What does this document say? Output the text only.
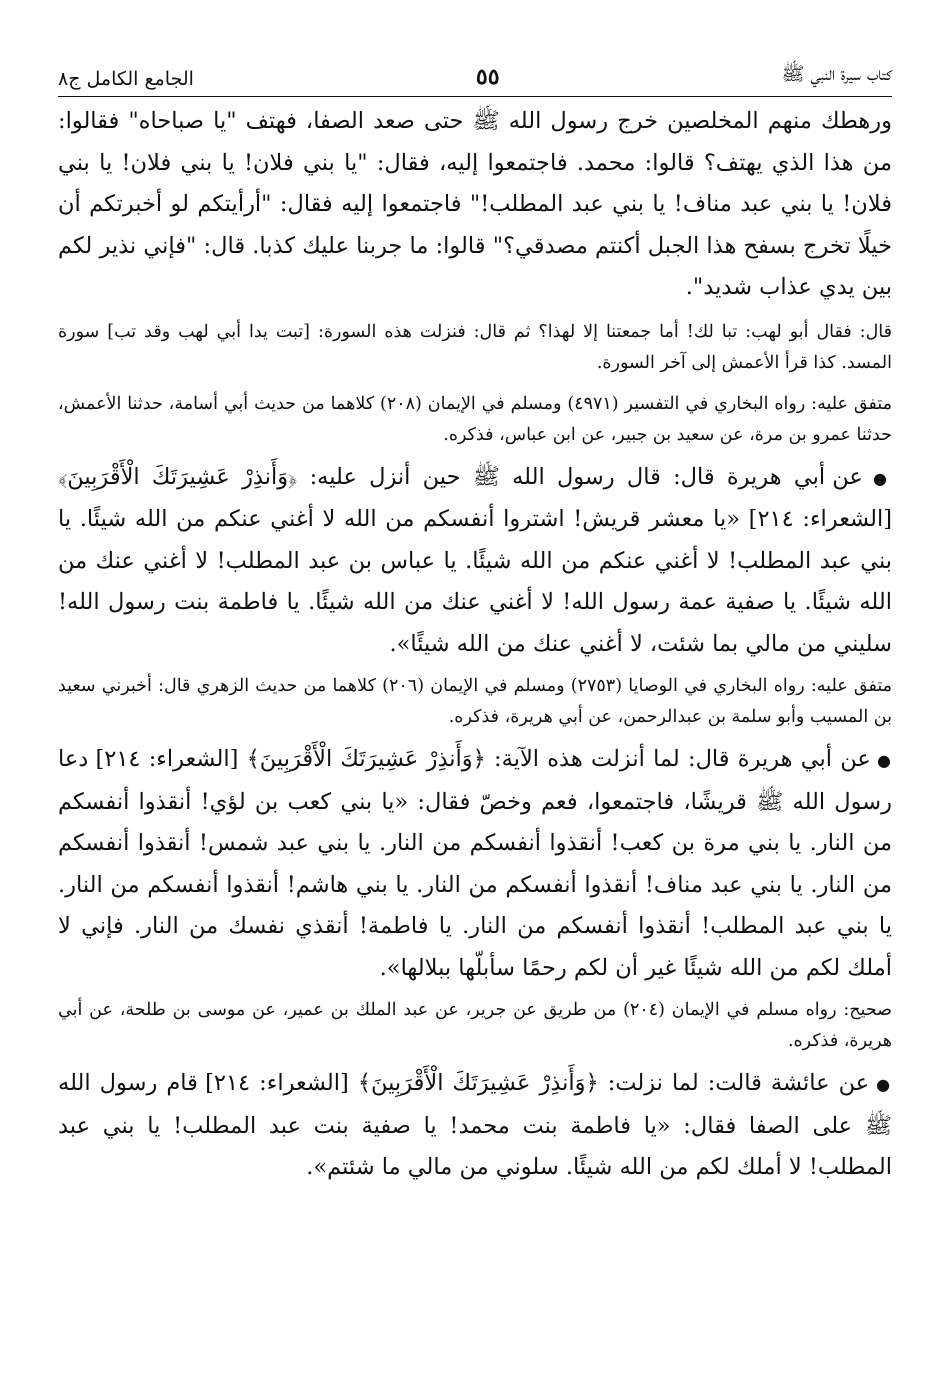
كتاب سيرة النبي ﷺ
٥٥
الجامع الكامل ج٨

ورهطك منهم المخلصين خرج رسول الله ﷺ حتى صعد الصفا، فهتف "يا صباحاه" فقالوا: من هذا الذي يهتف؟ قالوا: محمد. فاجتمعوا إليه، فقال: "يا بني فلان! يا بني فلان! يا بني فلان! يا بني عبد مناف! يا بني عبد المطلب!" فاجتمعوا إليه فقال: "أرأيتكم لو أخبرتكم أن خيلًا تخرج بسفح هذا الجبل أكنتم مصدقي؟" قالوا: ما جربنا عليك كذبا. قال: "فإني نذير لكم بين يدي عذاب شديد".

قال: فقال أبو لهب: تبا لك! أما جمعتنا إلا لهذا؟ ثم قال: فنزلت هذه السورة: [تبت يدا أبي لهب وقد تب] سورة المسد. كذا قرأ الأعمش إلى آخر السورة.

متفق عليه: رواه البخاري في التفسير (٤٩٧١) ومسلم في الإيمان (٢٠٨) كلاهما من حديث أبي أسامة، حدثنا الأعمش، حدثنا عمرو بن مرة، عن سعيد بن جبير، عن ابن عباس، فذكره.

● عن أبي هريرة قال: قال رسول الله ﷺ حين أنزل عليه: ﴿وَأَنذِرْ عَشِيرَتَكَ الْأَقْرَبِينَ﴾ [الشعراء: ٢١٤] «يا معشر قريش! اشتروا أنفسكم من الله لا أغني عنكم من الله شيئًا. يا بني عبد المطلب! لا أغني عنكم من الله شيئًا. يا عباس بن عبد المطلب! لا أغني عنك من الله شيئًا. يا صفية عمة رسول الله! لا أغني عنك من الله شيئًا. يا فاطمة بنت رسول الله! سليني من مالي بما شئت، لا أغني عنك من الله شيئًا».

متفق عليه: رواه البخاري في الوصايا (٢٧٥٣) ومسلم في الإيمان (٢٠٦) كلاهما من حديث الزهري قال: أخبرني سعيد بن المسيب وأبو سلمة بن عبدالرحمن، عن أبي هريرة، فذكره.

● عن أبي هريرة قال: لما أنزلت هذه الآية: ﴿وَأَنذِرْ عَشِيرَتَكَ الْأَقْرَبِينَ﴾ [الشعراء: ٢١٤] دعا رسول الله ﷺ قريشًا، فاجتمعوا، فعم وخصّ فقال: «يا بني كعب بن لؤي! أنقذوا أنفسكم من النار. يا بني مرة بن كعب! أنقذوا أنفسكم من النار. يا بني عبد شمس! أنقذوا أنفسكم من النار. يا بني عبد مناف! أنقذوا أنفسكم من النار. يا بني هاشم! أنقذوا أنفسكم من النار. يا بني عبد المطلب! أنقذوا أنفسكم من النار. يا فاطمة! أنقذي نفسك من النار. فإني لا أملك لكم من الله شيئًا غير أن لكم رحمًا سأبلّها ببلالها».

صحيح: رواه مسلم في الإيمان (٢٠٤) من طريق عن جرير، عن عبد الملك بن عمير، عن موسى بن طلحة، عن أبي هريرة، فذكره.

● عن عائشة قالت: لما نزلت: ﴿وَأَنذِرْ عَشِيرَتَكَ الْأَقْرَبِينَ﴾ [الشعراء: ٢١٤] قام رسول الله ﷺ على الصفا فقال: «يا فاطمة بنت محمد! يا صفية بنت عبد المطلب! يا بني عبد المطلب! لا أملك لكم من الله شيئًا. سلوني من مالي ما شئتم».
